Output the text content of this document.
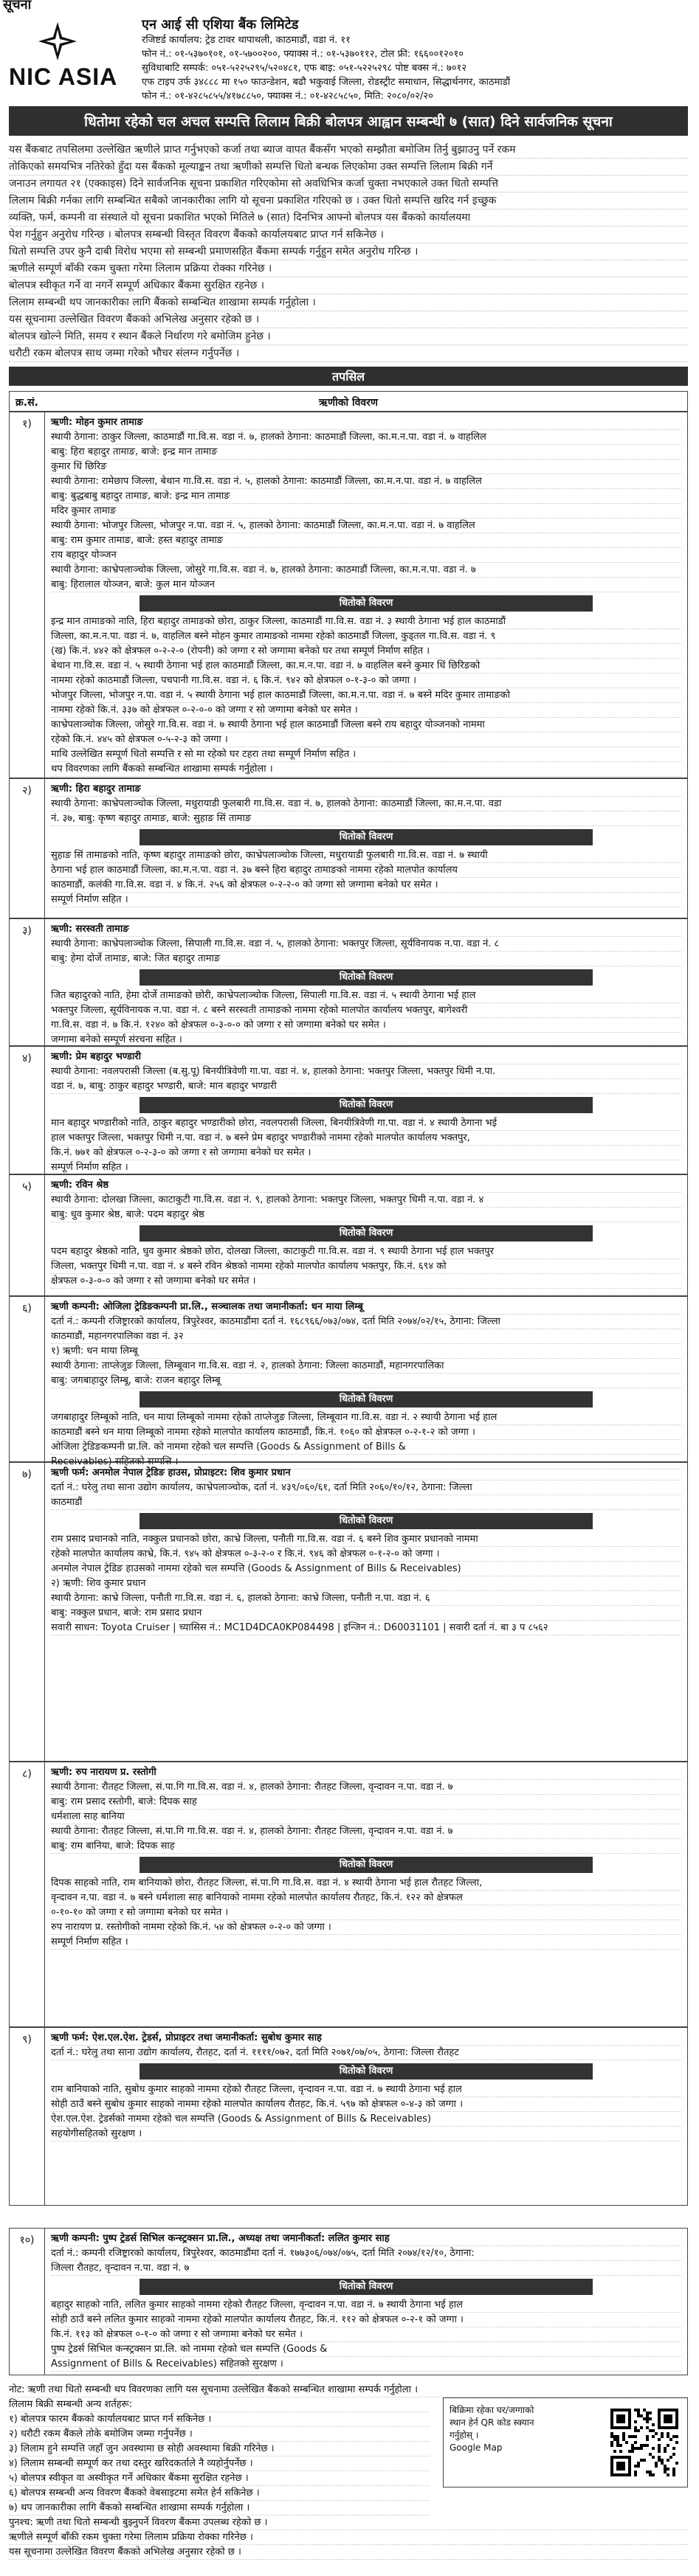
सूचना
NIC ASIA
एन आई सी एशिया बैंक लिमिटेड
रजिष्टर्ड कार्यालय: ट्रेड टावर थापाथली, काठमाडौं, वडा नं. ११
फोन नं.: ०१-५३७०१०१, ०१-५७००२००, फ्याक्स नं.: ०१-५३७०११२, टोल फ्री: १६६००१२०१०
सुविधाबाटि सम्पर्क: ०५१-५२२५२९५/५२०४८१, एफ बाइ: ०५१-५२२५२९८ पोष्ट बक्स नं.: ७०१२
एफ टाइप उर्फ ३४८८८ मा १५० फाउन्डेशन, बढौ भकुवाई जिल्ला, रोडस्ट्रीट समाधान, सिद्धार्थनगर, काठमाडौं
फोन नं.: ०१-४२८५८५५/४१७८८५०, फ्याक्स नं.: ०१-४२८५८५०, मिति: २०८०/०२/२०
धितोमा रहेको चल अचल सम्पत्ति लिलाम बिक्री बोलपत्र आह्वान सम्बन्धी ७ (सात) दिने सार्वजनिक सूचना
यस बैंकबाट तपसिलमा उल्लेखित ऋणीले प्राप्त गर्नुभएको कर्जा तथा ब्याज वापत बैंकसँग भएको सम्झौता बमोजिम तिर्नु बुझाउनु पर्ने रकम
तोकिएको समयभित्र नतिरेको हुँदा यस बैंकको मूल्याङ्कन तथा ऋणीको सम्पत्ति धितो बन्धक लिएकोमा उक्त सम्पत्ति लिलाम बिक्री गर्ने
जनाउन लगायत २१ (एक्काइस) दिने सार्वजनिक सूचना प्रकाशित गरिएकोमा सो अवधिभित्र कर्जा चुक्ता नभएकाले उक्त धितो सम्पत्ति
लिलाम बिक्री गर्नका लागि सम्बन्धित सबैको जानकारीका लागि यो सूचना प्रकाशित गरिएको छ । उक्त धितो सम्पत्ति खरिद गर्न इच्छुक
व्यक्ति, फर्म, कम्पनी वा संस्थाले यो सूचना प्रकाशित भएको मितिले ७ (सात) दिनभित्र आफ्नो बोलपत्र यस बैंकको कार्यालयमा
पेश गर्नुहुन अनुरोध गरिन्छ । बोलपत्र सम्बन्धी विस्तृत विवरण बैंकको कार्यालयबाट प्राप्त गर्न सकिनेछ ।
धितो सम्पत्ति उपर कुनै दाबी विरोध भएमा सो सम्बन्धी प्रमाणसहित बैंकमा सम्पर्क गर्नुहुन समेत अनुरोध गरिन्छ ।
ऋणीले सम्पूर्ण बाँकी रकम चुक्ता गरेमा लिलाम प्रक्रिया रोक्का गरिनेछ ।
बोलपत्र स्वीकृत गर्ने वा नगर्ने सम्पूर्ण अधिकार बैंकमा सुरक्षित रहनेछ ।
लिलाम सम्बन्धी थप जानकारीका लागि बैंकको सम्बन्धित शाखामा सम्पर्क गर्नुहोला ।
यस सूचनामा उल्लेखित विवरण बैंकको अभिलेख अनुसार रहेको छ ।
बोलपत्र खोल्ने मिति, समय र स्थान बैंकले निर्धारण गरे बमोजिम हुनेछ ।
धरौटी रकम बोलपत्र साथ जम्मा गरेको भौचर संलग्न गर्नुपर्नेछ ।
तपसिल
क्र.सं.	ऋणीको विवरण
१)	ऋणी: मोहन कुमार तामाङ
स्थायी ठेगाना: ठाकुर जिल्ला, काठमाडौं गा.वि.स. वडा नं. ७, हालको ठेगाना: काठमाडौं जिल्ला, का.म.न.पा. वडा नं. ७ वाहलिल
बाबु: हिरा बहादुर तामाङ, बाजे: इन्द्र मान तामाङ
कुमार धिं छिरिङ
स्थायी ठेगाना: रामेछाप जिल्ला, बेथान गा.वि.स. वडा नं. ५, हालको ठेगाना: काठमाडौं जिल्ला, का.म.न.पा. वडा नं. ७ वाहलिल
बाबु: बुद्धबाबु बहादुर तामाङ, बाजे: इन्द्र मान तामाङ
मदिर कुमार तामाङ
स्थायी ठेगाना: भोजपुर जिल्ला, भोजपुर न.पा. वडा नं. ५, हालको ठेगाना: काठमाडौं जिल्ला, का.म.न.पा. वडा नं. ७ वाहलिल
बाबु: राम कुमार तामाङ, बाजे: हस्त बहादुर तामाङ
राय बहादुर योञ्जन
स्थायी ठेगाना: काभ्रेपलाञ्चोक जिल्ला, जोसुरे गा.वि.स. वडा नं. ७, हालको ठेगाना: काठमाडौं जिल्ला, का.म.न.पा. वडा नं. ७
बाबु: हिरालाल योञ्जन, बाजे: कुल मान योञ्जन
धितोको विवरण
इन्द्र मान तामाङको नाति, हिरा बहादुर तामाङको छोरा, ठाकुर जिल्ला, काठमाडौं गा.वि.स. वडा नं. ३ स्थायी ठेगाना भई हाल काठमाडौं
जिल्ला, का.म.न.पा. वडा नं. ७, वाहलिल बस्ने मोहन कुमार तामाङको नाममा रहेको काठमाडौं जिल्ला, कुड्तल गा.वि.स. वडा नं. ९
(ख) कि.नं. ४४२ को क्षेत्रफल ०-२-२-० (रोपनी) को जग्गा र सो जग्गामा बनेको घर तथा सम्पूर्ण निर्माण सहित ।
बेथान गा.वि.स. वडा नं. ५ स्थायी ठेगाना भई हाल काठमाडौं जिल्ला, का.म.न.पा. वडा नं. ७ वाहलिल बस्ने कुमार धिं छिरिङको
नाममा रहेको काठमाडौं जिल्ला, पचपानी गा.वि.स. वडा नं. ६ कि.नं. ९४२ को क्षेत्रफल ०-१-३-० को जग्गा ।
भोजपुर जिल्ला, भोजपुर न.पा. वडा नं. ५ स्थायी ठेगाना भई हाल काठमाडौं जिल्ला, का.म.न.पा. वडा नं. ७ बस्ने मदिर कुमार तामाङको
नाममा रहेको कि.नं. ३३७ को क्षेत्रफल ०-२-०-० को जग्गा र सो जग्गामा बनेको घर समेत ।
काभ्रेपलाञ्चोक जिल्ला, जोसुरे गा.वि.स. वडा नं. ७ स्थायी ठेगाना भई हाल काठमाडौं जिल्ला बस्ने राय बहादुर योञ्जनको नाममा
रहेको कि.नं. ४४५ को क्षेत्रफल ०-५-२-३ को जग्गा ।
माथि उल्लेखित सम्पूर्ण धितो सम्पत्ति र सो मा रहेको घर टहरा तथा सम्पूर्ण निर्माण सहित ।
थप विवरणका लागि बैंकको सम्बन्धित शाखामा सम्पर्क गर्नुहोला ।
२)	ऋणी: हिरा बहादुर तामाङ
स्थायी ठेगाना: काभ्रेपलाञ्चोक जिल्ला, मधुरायाडी फुलबारी गा.वि.स. वडा नं. ७, हालको ठेगाना: काठमाडौं जिल्ला, का.म.न.पा. वडा
नं. ३७, बाबु: कृष्ण बहादुर तामाङ, बाजे: सुहाङ सिं तामाङ
धितोको विवरण
सुहाङ सिं तामाङको नाति, कृष्ण बहादुर तामाङको छोरा, काभ्रेपलाञ्चोक जिल्ला, मधुरायाडी फुलबारी गा.वि.स. वडा नं. ७ स्थायी
ठेगाना भई हाल काठमाडौं जिल्ला, का.म.न.पा. वडा नं. ३७ बस्ने हिरा बहादुर तामाङको नाममा रहेको मालपोत कार्यालय
काठमाडौं, कलंकी गा.वि.स. वडा नं. ४ कि.नं. २५६ को क्षेत्रफल ०-२-२-० को जग्गा सो जग्गामा बनेको घर समेत ।
सम्पूर्ण निर्माण सहित ।
३)	ऋणी: सरस्वती तामाङ
स्थायी ठेगाना: काभ्रेपलाञ्चोक जिल्ला, सिपाली गा.वि.स. वडा नं. ५, हालको ठेगाना: भक्तपुर जिल्ला, सूर्यविनायक न.पा. वडा नं. ८
बाबु: हेमा दोर्जे तामाङ, बाजे: जित बहादुर तामाङ
धितोको विवरण
जित बहादुरको नाति, हेमा दोर्जे तामाङको छोरी, काभ्रेपलाञ्चोक जिल्ला, सिपाली गा.वि.स. वडा नं. ५ स्थायी ठेगाना भई हाल
भक्तपुर जिल्ला, सूर्यविनायक न.पा. वडा नं. ८ बस्ने सरस्वती तामाङको नाममा रहेको मालपोत कार्यालय भक्तपुर, बागेश्वरी
गा.वि.स. वडा नं. ७ कि.नं. १२४० को क्षेत्रफल ०-३-०-० को जग्गा र सो जग्गामा बनेको घर समेत ।
जग्गामा बनेको सम्पूर्ण संरचना सहित ।
४)	ऋणी: प्रेम बहादुर भण्डारी
स्थायी ठेगाना: नवलपरासी जिल्ला (ब.सु.पू) बिनयीत्रिवेणी गा.पा. वडा नं. ४, हालको ठेगाना: भक्तपुर जिल्ला, भक्तपुर धिमी न.पा.
वडा नं. ७, बाबु: ठाकुर बहादुर भण्डारी, बाजे: मान बहादुर भण्डारी
धितोको विवरण
मान बहादुर भण्डारीको नाति, ठाकुर बहादुर भण्डारीको छोरा, नवलपरासी जिल्ला, बिनयीत्रिवेणी गा.पा. वडा नं. ४ स्थायी ठेगाना भई
हाल भक्तपुर जिल्ला, भक्तपुर धिमी न.पा. वडा नं. ७ बस्ने प्रेम बहादुर भण्डारीको नाममा रहेको मालपोत कार्यालय भक्तपुर,
कि.नं. ७७१ को क्षेत्रफल ०-२-३-० को जग्गा र सो जग्गामा बनेको घर समेत ।
सम्पूर्ण निर्माण सहित ।
५)	ऋणी: रविन श्रेष्ठ
स्थायी ठेगाना: दोलखा जिल्ला, काटाकुटी गा.वि.स. वडा नं. ९, हालको ठेगाना: भक्तपुर जिल्ला, भक्तपुर धिमी न.पा. वडा नं. ४
बाबु: धुव कुमार श्रेष्ठ, बाजे: पदम बहादुर श्रेष्ठ
धितोको विवरण
पदम बहादुर श्रेष्ठको नाति, धुव कुमार श्रेष्ठको छोरा, दोलखा जिल्ला, काटाकुटी गा.वि.स. वडा नं. ९ स्थायी ठेगाना भई हाल भक्तपुर
जिल्ला, भक्तपुर धिमी न.पा. वडा नं. ४ बस्ने रविन श्रेष्ठको नाममा रहेको मालपोत कार्यालय भक्तपुर, कि.नं. ६९४ को
क्षेत्रफल ०-३-०-० को जग्गा र सो जग्गामा बनेको घर समेत ।
६)	ऋणी कम्पनी: ओजिला ट्रेडिङकम्पनी प्रा.लि., सञ्चालक तथा जमानीकर्ता: धन माया लिम्बू
दर्ता नं.: कम्पनी रजिष्ट्रारको कार्यालय, त्रिपुरेश्वर, काठमाडौंमा दर्ता नं. १६८९६६/०७३/०७४, दर्ता मिति २०७४/०२/१५, ठेगाना: जिल्ला
काठमाडौं, महानगरपालिका वडा नं. ३२
१) ऋणी: धन माया लिम्बू
स्थायी ठेगाना: ताप्लेजुङ जिल्ला, लिम्बूवान गा.वि.स. वडा नं. २, हालको ठेगाना: जिल्ला काठमाडौं, महानगरपालिका
बाबु: जगबाहादुर लिम्बू, बाजे: राजन बहादुर लिम्बू
धितोको विवरण
जगबाहादुर लिम्बूको नाति, धन माया लिम्बूको नाममा रहेको ताप्लेजुङ जिल्ला, लिम्बूवान गा.वि.स. वडा नं. २ स्थायी ठेगाना भई हाल
काठमाडौं बस्ने धन माया लिम्बूको नाममा रहेको मालपोत कार्यालय काठमाडौं, कि.नं. १०६० को क्षेत्रफल ०-२-१-२ को जग्गा ।
ओजिला ट्रेडिङकम्पनी प्रा.लि. को नाममा रहेको चल सम्पत्ति (Goods & Assignment of Bills &
Receivables) सहितको सम्पत्ति ।
७)	ऋणी फर्म: अनमोल नेपाल ट्रेडिङ हाउस, प्रोप्राइटर: शिव कुमार प्रधान
दर्ता नं.: घरेलु तथा साना उद्योग कार्यालय, काभ्रेपलाञ्चोक, दर्ता नं. ४३९/०६०/६१, दर्ता मिति २०६०/१०/१२, ठेगाना: जिल्ला
काठमाडौं
धितोको विवरण
राम प्रसाद प्रधानको नाति, नक्कुल प्रधानको छोरा, काभ्रे जिल्ला, पनौती गा.वि.स. वडा नं. ६ बस्ने शिव कुमार प्रधानको नाममा
रहेको मालपोत कार्यालय काभ्रे, कि.नं. ९४५ को क्षेत्रफल ०-३-२-० र कि.नं. ९४६ को क्षेत्रफल ०-१-२-० को जग्गा ।
अनमोल नेपाल ट्रेडिङ हाउसको नाममा रहेको चल सम्पत्ति (Goods & Assignment of Bills & Receivables)
२) ऋणी: शिव कुमार प्रधान
स्थायी ठेगाना: काभ्रे जिल्ला, पनौती गा.वि.स. वडा नं. ६, हालको ठेगाना: काभ्रे जिल्ला, पनौती न.पा. वडा नं. ६
बाबु: नक्कुल प्रधान, बाजे: राम प्रसाद प्रधान
सवारी साधन: Toyota Cruiser | च्यासिस नं.: MC1D4DCA0KP084498 | इन्जिन नं.: D60031101 | सवारी दर्ता नं. बा ३ प ८५६२
८)	ऋणी: रुप नारायण प्र. रस्तोगी
स्थायी ठेगाना: रौतहट जिल्ला, सं.पा.गि गा.वि.स. वडा नं. ४, हालको ठेगाना: रौतहट जिल्ला, वृन्दावन न.पा. वडा नं. ७
बाबु: राम प्रसाद रस्तोगी, बाजे: दिपक साह
धर्मशाला साह बानिया
स्थायी ठेगाना: रौतहट जिल्ला, सं.पा.गि गा.वि.स. वडा नं. ४, हालको ठेगाना: रौतहट जिल्ला, वृन्दावन न.पा. वडा नं. ७
बाबु: राम बानिया, बाजे: दिपक साह
धितोको विवरण
दिपक साहको नाति, राम बानियाको छोरा, रौतहट जिल्ला, सं.पा.गि गा.वि.स. वडा नं. ४ स्थायी ठेगाना भई हाल रौतहट जिल्ला,
वृन्दावन न.पा. वडा नं. ७ बस्ने धर्मशाला साह बानियाको नाममा रहेको मालपोत कार्यालय रौतहट, कि.नं. १२२ को क्षेत्रफल
०-१०-१० को जग्गा र सो जग्गामा बनेको घर समेत ।
रुप नारायण प्र. रस्तोगीको नाममा रहेको कि.नं. ५४ को क्षेत्रफल ०-२-० को जग्गा ।
सम्पूर्ण निर्माण सहित ।
९)	ऋणी फर्म: ऐश.एल.ऐश. ट्रेडर्स, प्रोप्राइटर तथा जमानीकर्ता: सुबोध कुमार साह
दर्ता नं.: घरेलु तथा साना उद्योग कार्यालय, रौतहट, दर्ता नं. ११११/०७२, दर्ता मिति २०७१/०७/०५, ठेगाना: जिल्ला रौतहट
धितोको विवरण
राम बानियाको नाति, सुबोध कुमार साहको नाममा रहेको रौतहट जिल्ला, वृन्दावन न.पा. वडा नं. ७ स्थायी ठेगाना भई हाल
सोही ठाउँ बस्ने सुबोध कुमार साहको नाममा रहेको मालपोत कार्यालय रौतहट, कि.नं. ५९७ को क्षेत्रफल ०-४-३ को जग्गा ।
ऐश.एल.ऐश. ट्रेडर्सको नाममा रहेको चल सम्पत्ति (Goods & Assignment of Bills & Receivables)
सहयोगीसहितको सुरक्षण ।
१०)	ऋणी कम्पनी: पुष्प ट्रेडर्स सिभिल कन्स्ट्रक्सन प्रा.लि., अध्यक्ष तथा जमानीकर्ता: ललित कुमार साह
दर्ता नं.: कम्पनी रजिष्ट्रारको कार्यालय, त्रिपुरेश्वर, काठमाडौंमा दर्ता नं. १७७३०६/०७४/०७५, दर्ता मिति २०७४/१२/१०, ठेगाना:
जिल्ला रौतहट, वृन्दावन न.पा. वडा नं. ७
धितोको विवरण
बहादुर साहको नाति, ललित कुमार साहको नाममा रहेको रौतहट जिल्ला, वृन्दावन न.पा. वडा नं. ७ स्थायी ठेगाना भई हाल
सोही ठाउँ बस्ने ललित कुमार साहको नाममा रहेको मालपोत कार्यालय रौतहट, कि.नं. ११२ को क्षेत्रफल ०-२-१ को जग्गा ।
कि.नं. ११३ को क्षेत्रफल ०-१-० को जग्गा र सो जग्गामा बनेको घर समेत ।
पुष्प ट्रेडर्स सिभिल कन्स्ट्रक्सन प्रा.लि. को नाममा रहेको चल सम्पत्ति (Goods &
Assignment of Bills & Receivables) सहितको सुरक्षण ।
नोट: ऋणी तथा धितो सम्बन्धी थप विवरणका लागि यस सूचनामा उल्लेखित बैंकको सम्बन्धित शाखामा सम्पर्क गर्नुहोला ।
लिलाम बिक्री सम्बन्धी अन्य शर्तहरू:
१) बोलपत्र फारम बैंकको कार्यालयबाट प्राप्त गर्न सकिनेछ ।
२) धरौटी रकम बैंकले तोके बमोजिम जम्मा गर्नुपर्नेछ ।
३) लिलाम हुने सम्पत्ति जहाँ जुन अवस्थामा छ सोही अवस्थामा बिक्री गरिनेछ ।
४) लिलाम सम्बन्धी सम्पूर्ण कर तथा दस्तुर खरिदकर्ताले नै व्यहोर्नुपर्नेछ ।
५) बोलपत्र स्वीकृत वा अस्वीकृत गर्ने अधिकार बैंकमा सुरक्षित रहनेछ ।
६) बोलपत्र सम्बन्धी अन्य विवरण बैंकको वेबसाइटमा समेत हेर्न सकिनेछ ।
७) थप जानकारीका लागि बैंकको सम्बन्धित शाखामा सम्पर्क गर्नुहोला ।
पुनश्च: ऋणी तथा धितो सम्बन्धी बुझ्नुपर्ने विवरण बैंकमा उपलब्ध रहेको छ ।
ऋणीले सम्पूर्ण बाँकी रकम चुक्ता गरेमा लिलाम प्रक्रिया रोक्का गरिनेछ ।
यस सूचनामा उल्लेखित विवरण बैंकको अभिलेख अनुसार रहेको छ ।
बिक्रिमा रहेका घर/जग्गाको
स्थान हेर्न QR कोड स्क्यान
गर्नुहोस् ।
Google Map
